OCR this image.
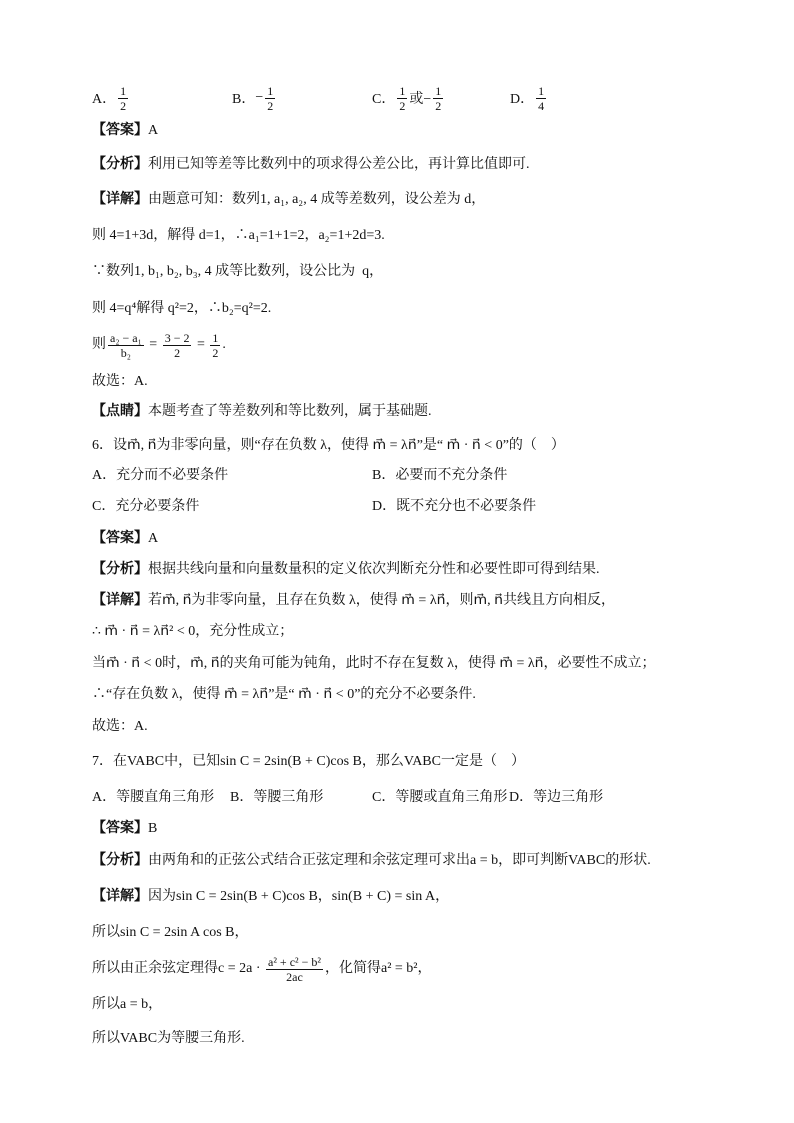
A． $\frac{1}{2}$	B． − $\frac{1}{2}$	C． $\frac{1}{2}$ 或− $\frac{1}{2}$	D． $\frac{1}{4}$
【答案】 A
【分析】 利用已知等差等比数列中的项求得公差公比，再计算比值即可.
【详解】 由题意可知：数列1, a₁, a₂, 4 成等差数列，设公差为 d，
则 4=1+3d，解得 d=1，∴a₁=1+1=2，a₂=1+2d=3.
∵数列1, b₁, b₂, b₃, 4 成等比数列，设公比为  q，
则 4=q⁴解得 q²=2，∴b₂=q²=2.
则 $\frac{\text{a₂ − a₁}}{\text{b₂}} = \frac{3 - 2}{2} = \frac{1}{2}$ .
故选：A.
【点睛】 本题考查了等差数列和等比数列，属于基础题.
6．设m⃗, n⃗为非零向量，则“存在负数 λ，使得 m⃗ = λn⃗”是“ m⃗ · n⃗ < 0”的（　）
A．充分而不必要条件	B．必要而不充分条件
C．充分必要条件	D．既不充分也不必要条件
【答案】 A
【分析】 根据共线向量和向量数量积的定义依次判断充分性和必要性即可得到结果.
【详解】 若m⃗, n⃗为非零向量，且存在负数 λ，使得 m⃗ = λn⃗，则m⃗, n⃗共线且方向相反，
∴ m⃗ · n⃗ = λn⃗² < 0，充分性成立；
当m⃗ · n⃗ < 0时，m⃗, n⃗的夹角可能为钝角，此时不存在复数 λ，使得 m⃗ = λn⃗，必要性不成立；
∴“存在负数 λ，使得 m⃗ = λn⃗”是“ m⃗ · n⃗ < 0”的充分不必要条件.
故选：A.
7．在VABC中，已知sin C = 2sin(B + C)cos B，那么VABC一定是（　）
A．等腰直角三角形 B．等腰三角形	C．等腰或直角三角形 D．等边三角形
【答案】 B
【分析】 由两角和的正弦公式结合正弦定理和余弦定理可求出a = b，即可判断VABC的形状.
【详解】 因为sin C = 2sin(B + C)cos B，sin(B + C) = sin A，
所以sin C = 2sin A cos B，
所以由正余弦定理得$c = 2a \cdot \frac{\text{a² + c² − b²}}{2ac}$ ，化简得a² = b²，
所以a = b，
所以VABC为等腰三角形.
